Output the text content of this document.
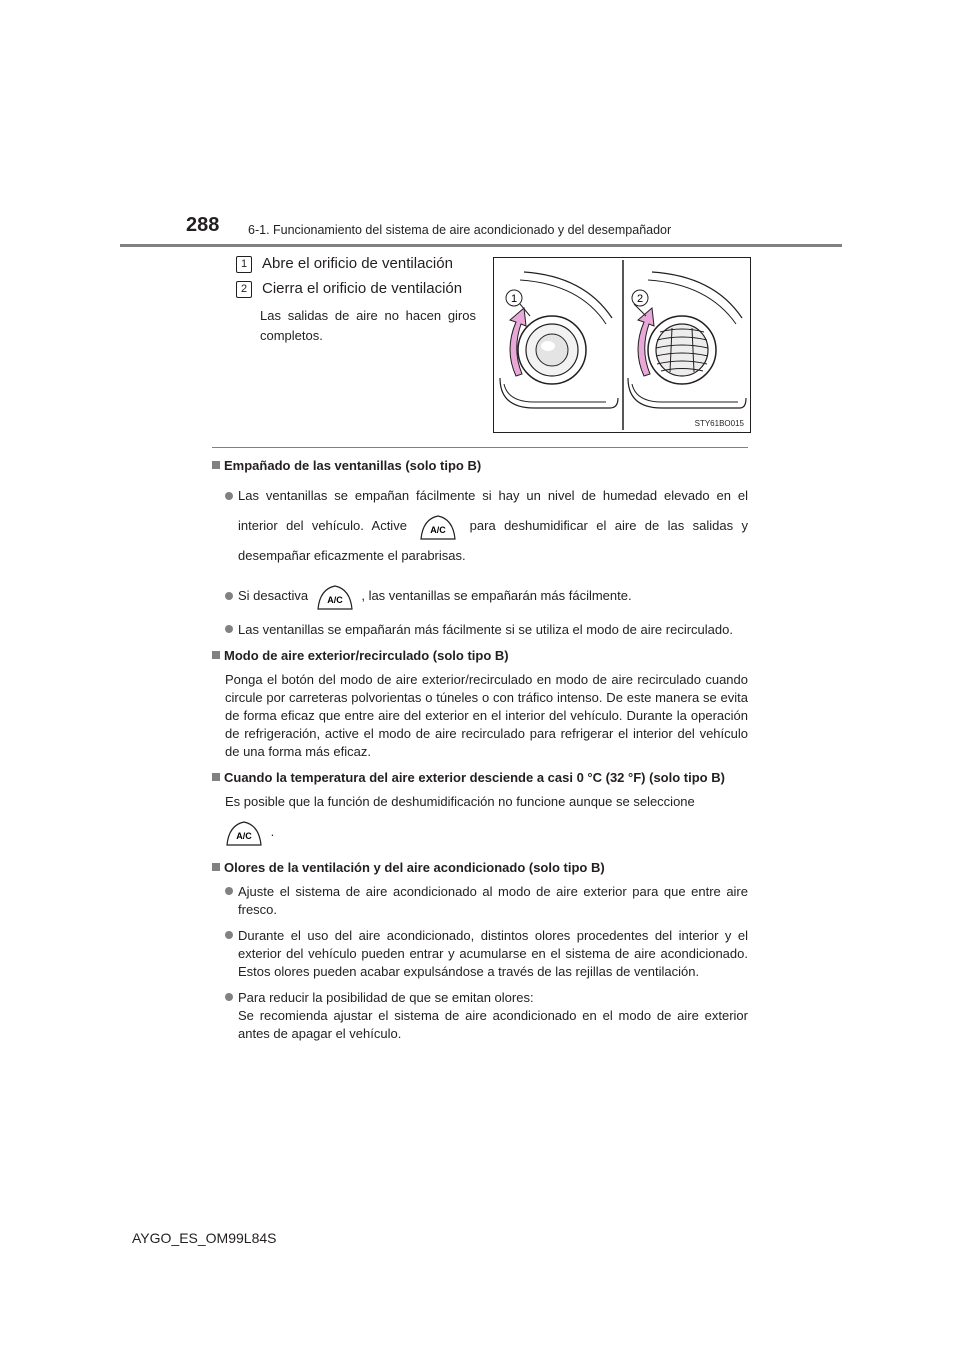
288 6-1. Funcionamiento del sistema de aire acondicionado y del desempañador
1 Abre el orificio de ventilación
2 Cierra el orificio de ventilación
Las salidas de aire no hacen giros completos.
1	2
STY61BO015
Empañado de las ventanillas (solo tipo B)
Las ventanillas se empañan fácilmente si hay un nivel de humedad elevado en el interior del vehículo. Active	A/C para deshumidificar el aire de las salidas y desempañar eficazmente el parabrisas.
Si desactiva A/C , las ventanillas se empañarán más fácilmente.
Las ventanillas se empañarán más fácilmente si se utiliza el modo de aire recirculado.
Modo de aire exterior/recirculado (solo tipo B)
Ponga el botón del modo de aire exterior/recirculado en modo de aire recirculado cuando circule por carreteras polvorientas o túneles o con tráfico intenso. De este manera se evita de forma eficaz que entre aire del exterior en el interior del vehículo. Durante la operación de refrigeración, active el modo de aire recirculado para refrigerar el interior del vehículo de una forma más eficaz.
Cuando la temperatura del aire exterior desciende a casi 0 °C (32 °F) (solo tipo B)
Es posible que la función de deshumidificación no funcione aunque se seleccione
A/C .
Olores de la ventilación y del aire acondicionado (solo tipo B)
Ajuste el sistema de aire acondicionado al modo de aire exterior para que entre aire fresco.
Durante el uso del aire acondicionado, distintos olores procedentes del interior y el exterior del vehículo pueden entrar y acumularse en el sistema de aire acondicionado. Estos olores pueden acabar expulsándose a través de las rejillas de ventilación.
Para reducir la posibilidad de que se emitan olores:
Se recomienda ajustar el sistema de aire acondicionado en el modo de aire exterior antes de apagar el vehículo.
AYGO_ES_OM99L84S
